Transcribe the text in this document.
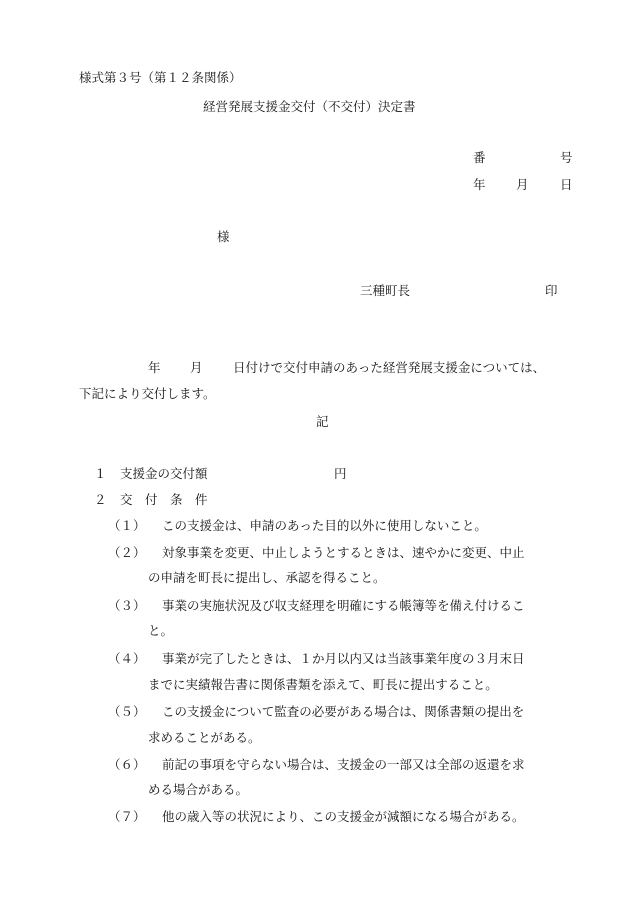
様式第３号（第１２条関係）
経営発展支援金交付（不交付）決定書
番	号
年 月	日
様
三種町長	印
年 月 日付けで交付申請のあった経営発展支援金については、
下記により交付します。
記
１ 支援金の交付額	円
２ 交　付　条　件
（１） この支援金は、申請のあった目的以外に使用しないこと。
（２） 対象事業を変更、中止しようとするときは、速やかに変更、中止
の申請を町長に提出し、承認を得ること。
（３） 事業の実施状況及び収支経理を明確にする帳簿等を備え付けるこ
と。
（４） 事業が完了したときは、１か月以内又は当該事業年度の３月末日
までに実績報告書に関係書類を添えて、町長に提出すること。
（５） この支援金について監査の必要がある場合は、関係書類の提出を
求めることがある。
（６） 前記の事項を守らない場合は、支援金の一部又は全部の返還を求
める場合がある。
（７） 他の歳入等の状況により、この支援金が減額になる場合がある。
